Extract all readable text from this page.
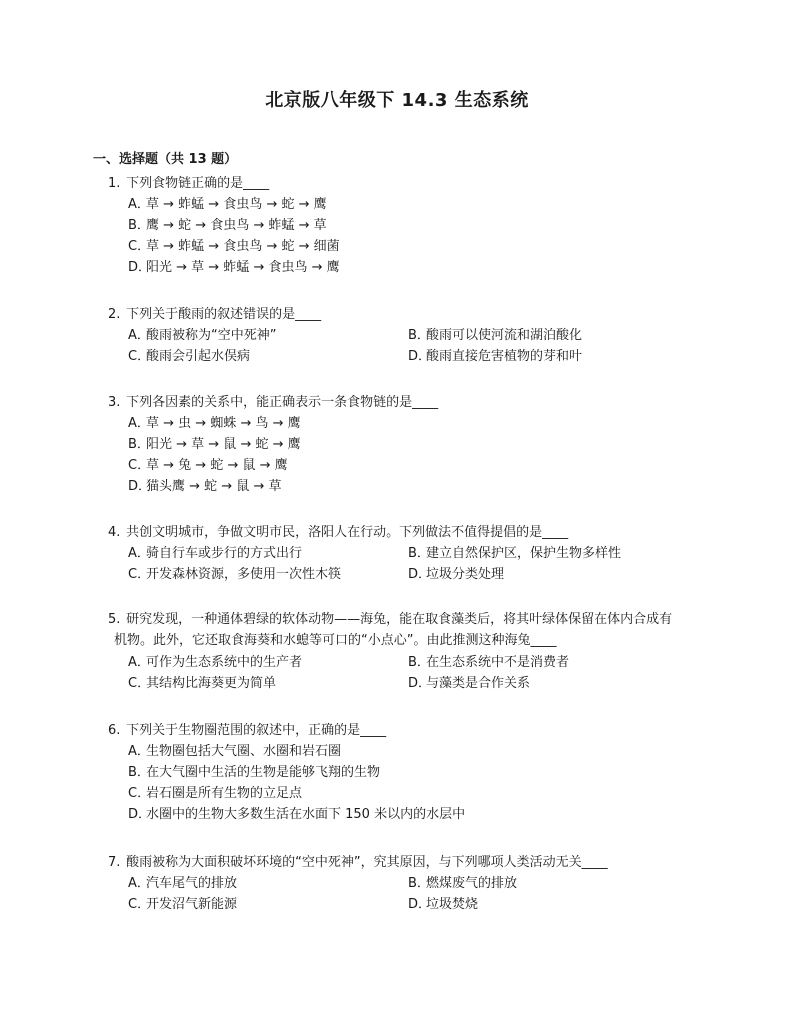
北京版八年级下 14.3 生态系统
一、选择题（共 13 题）
1. 下列食物链正确的是____
A．草 → 蚱蜢 → 食虫鸟 → 蛇 → 鹰
B．鹰 → 蛇 → 食虫鸟 → 蚱蜢 → 草
C．草 → 蚱蜢 → 食虫鸟 → 蛇 → 细菌
D．阳光 → 草 → 蚱蜢 → 食虫鸟 → 鹰
2. 下列关于酸雨的叙述错误的是____
A．酸雨被称为“空中死神”	B．酸雨可以使河流和湖泊酸化
C．酸雨会引起水俣病	D．酸雨直接危害植物的芽和叶
3. 下列各因素的关系中，能正确表示一条食物链的是____
A．草 → 虫 → 蜘蛛 → 鸟 → 鹰
B．阳光 → 草 → 鼠 → 蛇 → 鹰
C．草 → 兔 → 蛇 → 鼠 → 鹰
D．猫头鹰 → 蛇 → 鼠 → 草
4. 共创文明城市，争做文明市民，洛阳人在行动。下列做法不值得提倡的是____
A．骑自行车或步行的方式出行	B．建立自然保护区，保护生物多样性
C．开发森林资源，多使用一次性木筷	D．垃圾分类处理
5. 研究发现，一种通体碧绿的软体动物——海兔，能在取食藻类后，将其叶绿体保留在体内合成有
机物。此外，它还取食海葵和水螅等可口的“小点心”。由此推测这种海兔____
A．可作为生态系统中的生产者	B．在生态系统中不是消费者
C．其结构比海葵更为简单	D．与藻类是合作关系
6. 下列关于生物圈范围的叙述中，正确的是____
A．生物圈包括大气圈、水圈和岩石圈
B．在大气圈中生活的生物是能够飞翔的生物
C．岩石圈是所有生物的立足点
D．水圈中的生物大多数生活在水面下 150 米以内的水层中
7. 酸雨被称为大面积破坏环境的“空中死神”，究其原因，与下列哪项人类活动无关____
A．汽车尾气的排放	B．燃煤废气的排放
C．开发沼气新能源	D．垃圾焚烧
